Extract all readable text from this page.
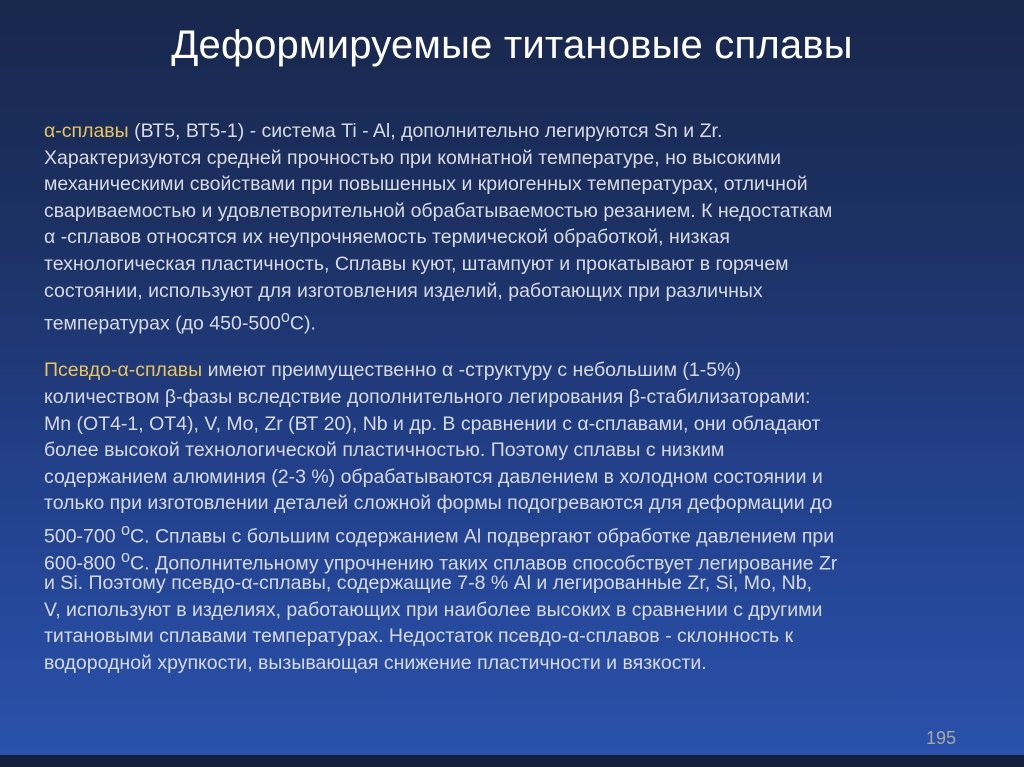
Деформируемые титановые сплавы
α-сплавы (ВТ5, ВТ5-1) - система Ti - Al, дополнительно легируются Sn и Zr.
Характеризуются средней прочностью при комнатной температуре, но высокими
механическими свойствами при повышенных и криогенных температурах, отличной
свариваемостью и удовлетворительной обрабатываемостью резанием. К недостаткам
α -сплавов относятся их неупрочняемость термической обработкой, низкая
технологическая пластичность, Сплавы куют, штампуют и прокатывают в горячем
состоянии, используют для изготовления изделий, работающих при различных
температурах (до $450-500^оС$).
Псевдо-α-сплавы имеют преимущественно α -структуру с небольшим (1-5%)
количеством β-фазы вследствие дополнительного легирования β-стабилизаторами:
Mn (ОТ4-1, ОТ4), V, Mo, Zr (ВТ 20), Nb и др. В сравнении с α-сплавами, они обладают
более высокой технологической пластичностью. Поэтому сплавы с низким
содержанием алюминия (2-3 %) обрабатываются давлением в холодном состоянии и
только при изготовлении деталей сложной формы подогреваются для деформации до
500-700 $^о$С. Сплавы с большим содержанием Al подвергают обработке давлением при
600-800 $^о$С. Дополнительному упрочнению таких сплавов способствует легирование Zr
и Si. Поэтому псевдо-α-сплавы, содержащие 7-8 % Al и легированные Zr, Si, Mo, Nb,
V, используют в изделиях, работающих при наиболее высоких в сравнении с другими
титановыми сплавами температурах. Недостаток псевдо-α-сплавов - склонность к
водородной хрупкости, вызывающая снижение пластичности и вязкости.
195
